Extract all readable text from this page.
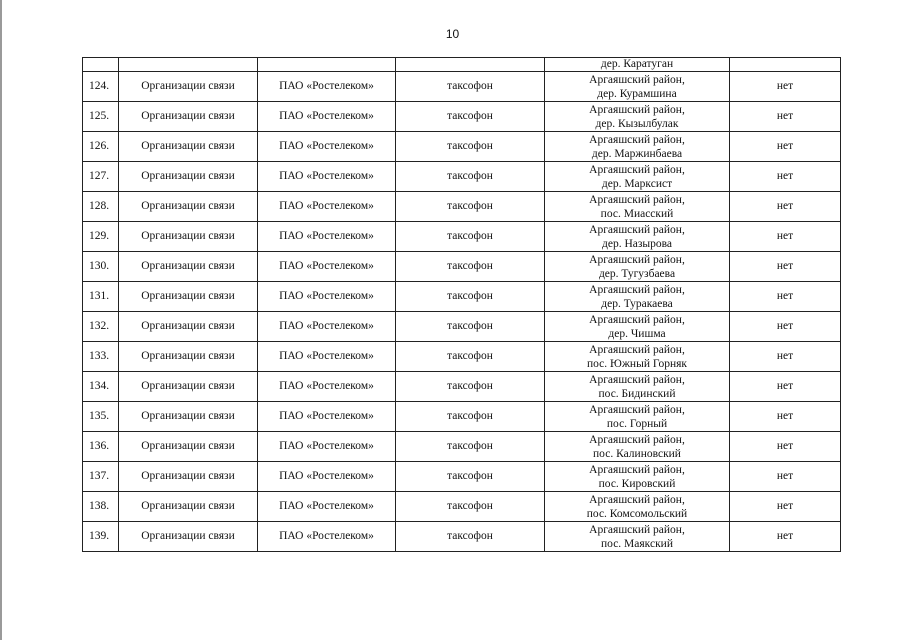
10
				дер. Каратуган	
124.	Организации связи	ПАО «Ростелеком»	таксофон	Аргаяшский район,
дер. Курамшина	нет
125.	Организации связи	ПАО «Ростелеком»	таксофон	Аргаяшский район,
дер. Кызылбулак	нет
126.	Организации связи	ПАО «Ростелеком»	таксофон	Аргаяшский район,
дер. Маржинбаева	нет
127.	Организации связи	ПАО «Ростелеком»	таксофон	Аргаяшский район,
дер. Марксист	нет
128.	Организации связи	ПАО «Ростелеком»	таксофон	Аргаяшский район,
пос. Миасский	нет
129.	Организации связи	ПАО «Ростелеком»	таксофон	Аргаяшский район,
дер. Назырова	нет
130.	Организации связи	ПАО «Ростелеком»	таксофон	Аргаяшский район,
дер. Тугузбаева	нет
131.	Организации связи	ПАО «Ростелеком»	таксофон	Аргаяшский район,
дер. Туракаева	нет
132.	Организации связи	ПАО «Ростелеком»	таксофон	Аргаяшский район,
дер. Чишма	нет
133.	Организации связи	ПАО «Ростелеком»	таксофон	Аргаяшский район,
пос. Южный Горняк	нет
134.	Организации связи	ПАО «Ростелеком»	таксофон	Аргаяшский район,
пос. Бидинский	нет
135.	Организации связи	ПАО «Ростелеком»	таксофон	Аргаяшский район,
пос. Горный	нет
136.	Организации связи	ПАО «Ростелеком»	таксофон	Аргаяшский район,
пос. Калиновский	нет
137.	Организации связи	ПАО «Ростелеком»	таксофон	Аргаяшский район,
пос. Кировский	нет
138.	Организации связи	ПАО «Ростелеком»	таксофон	Аргаяшский район,
пос. Комсомольский	нет
139.	Организации связи	ПАО «Ростелеком»	таксофон	Аргаяшский район,
пос. Маякский	нет
